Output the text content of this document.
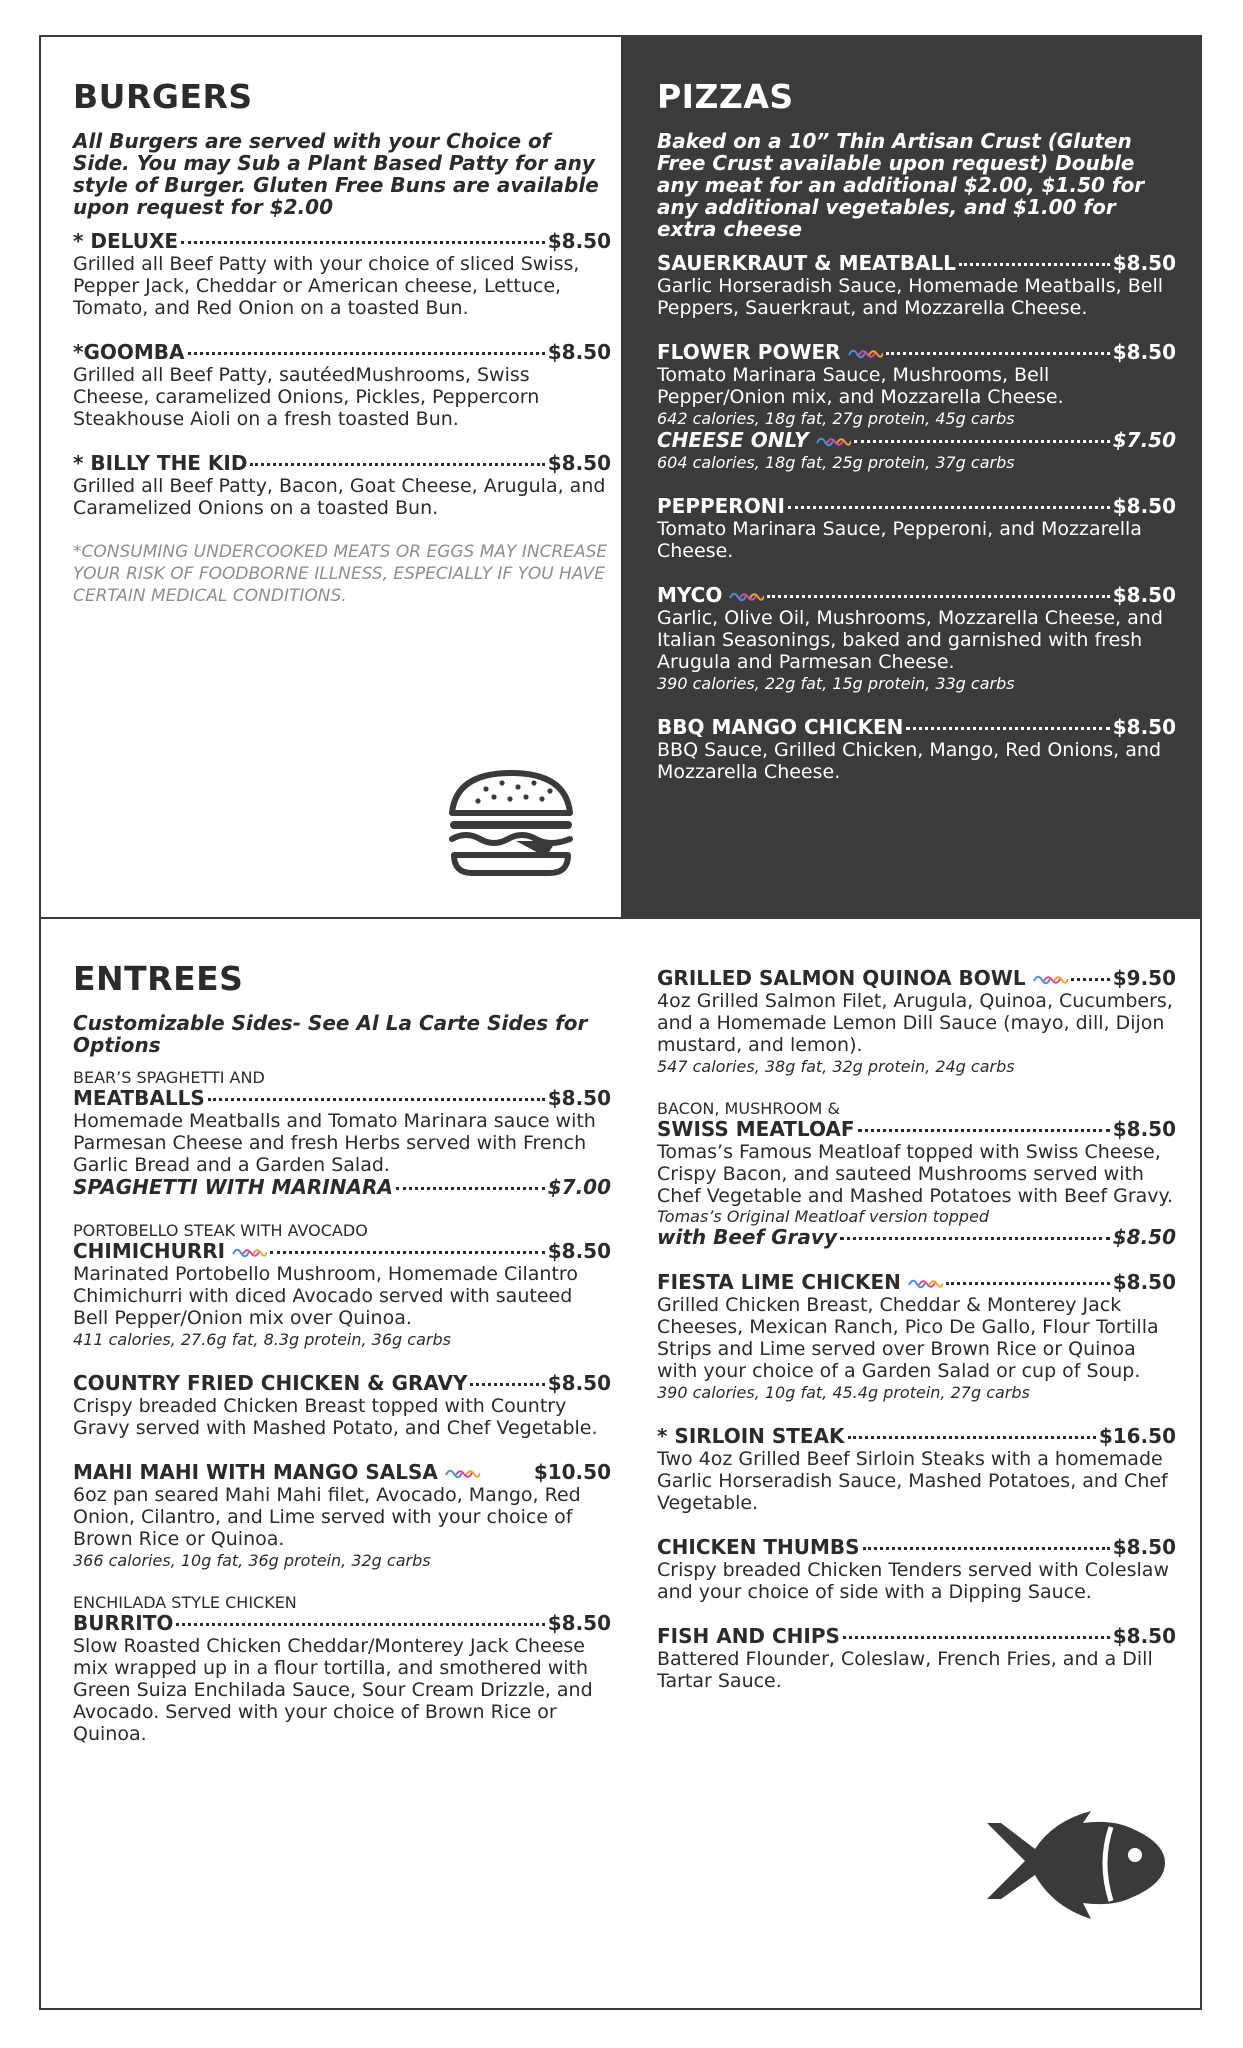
BURGERS

All Burgers are served with your Choice of Side. You may Sub a Plant Based Patty for any style of Burger. Gluten Free Buns are available upon request for $2.00

* DELUXE	$8.50

Grilled all Beef Patty with your choice of sliced Swiss, Pepper Jack, Cheddar or American cheese, Lettuce, Tomato, and Red Onion on a toasted Bun.

*GOOMBA	$8.50

Grilled all Beef Patty, sautéedMushrooms, Swiss Cheese, caramelized Onions, Pickles, Peppercorn Steakhouse Aioli on a fresh toasted Bun.

* BILLY THE KID	$8.50

Grilled all Beef Patty, Bacon, Goat Cheese, Arugula, and Caramelized Onions on a toasted Bun.

*CONSUMING UNDERCOOKED MEATS OR EGGS MAY INCREASE YOUR RISK OF FOODBORNE ILLNESS, ESPECIALLY IF YOU HAVE CERTAIN MEDICAL CONDITIONS.

PIZZAS

Baked on a 10” Thin Artisan Crust (Gluten Free Crust available upon request) Double any meat for an additional $2.00, $1.50 for any additional vegetables, and $1.00 for extra cheese

SAUERKRAUT & MEATBALL	$8.50

Garlic Horseradish Sauce, Homemade Meatballs, Bell Peppers, Sauerkraut, and Mozzarella Cheese.

FLOWER POWER	$8.50

Tomato Marinara Sauce, Mushrooms, Bell Pepper/Onion mix, and Mozzarella Cheese.

642 calories, 18g fat, 27g protein, 45g carbs
CHEESE ONLY	$7.50
604 calories, 18g fat, 25g protein, 37g carbs
PEPPERONI	$8.50

Tomato Marinara Sauce, Pepperoni, and Mozzarella Cheese.

MYCO	$8.50

Garlic, Olive Oil, Mushrooms, Mozzarella Cheese, and Italian Seasonings, baked and garnished with fresh Arugula and Parmesan Cheese.

390 calories, 22g fat, 15g protein, 33g carbs
BBQ MANGO CHICKEN	$8.50

BBQ Sauce, Grilled Chicken, Mango, Red Onions, and Mozzarella Cheese.

ENTREES

Customizable Sides- See Al La Carte Sides for Options

BEAR’S SPAGHETTI AND
MEATBALLS	$8.50

Homemade Meatballs and Tomato Marinara sauce with Parmesan Cheese and fresh Herbs served with French Garlic Bread and a Garden Salad.

SPAGHETTI WITH MARINARA	$7.00
PORTOBELLO STEAK WITH AVOCADO
CHIMICHURRI	$8.50

Marinated Portobello Mushroom, Homemade Cilantro Chimichurri with diced Avocado served with sauteed Bell Pepper/Onion mix over Quinoa.

411 calories, 27.6g fat, 8.3g protein, 36g carbs
COUNTRY FRIED CHICKEN & GRAVY	$8.50

Crispy breaded Chicken Breast topped with Country Gravy served with Mashed Potato, and Chef Vegetable.

MAHI MAHI WITH MANGO SALSA	$10.50

6oz pan seared Mahi Mahi filet, Avocado, Mango, Red Onion, Cilantro, and Lime served with your choice of Brown Rice or Quinoa.

366 calories, 10g fat, 36g protein, 32g carbs
ENCHILADA STYLE CHICKEN
BURRITO	$8.50

Slow Roasted Chicken Cheddar/Monterey Jack Cheese mix wrapped up in a flour tortilla, and smothered with Green Suiza Enchilada Sauce, Sour Cream Drizzle, and Avocado. Served with your choice of Brown Rice or Quinoa.

GRILLED SALMON QUINOA BOWL	$9.50

4oz Grilled Salmon Filet, Arugula, Quinoa, Cucumbers, and a Homemade Lemon Dill Sauce (mayo, dill, Dijon mustard, and lemon).

547 calories, 38g fat, 32g protein, 24g carbs
BACON, MUSHROOM &
SWISS MEATLOAF	$8.50

Tomas’s Famous Meatloaf topped with Swiss Cheese, Crispy Bacon, and sauteed Mushrooms served with Chef Vegetable and Mashed Potatoes with Beef Gravy.

Tomas’s Original Meatloaf version topped
with Beef Gravy	$8.50
FIESTA LIME CHICKEN	$8.50

Grilled Chicken Breast, Cheddar & Monterey Jack Cheeses, Mexican Ranch, Pico De Gallo, Flour Tortilla Strips and Lime served over Brown Rice or Quinoa with your choice of a Garden Salad or cup of Soup.

390 calories, 10g fat, 45.4g protein, 27g carbs
* SIRLOIN STEAK	$16.50

Two 4oz Grilled Beef Sirloin Steaks with a homemade Garlic Horseradish Sauce, Mashed Potatoes, and Chef Vegetable.

CHICKEN THUMBS	$8.50

Crispy breaded Chicken Tenders served with Coleslaw and your choice of side with a Dipping Sauce.

FISH AND CHIPS	$8.50

Battered Flounder, Coleslaw, French Fries, and a Dill Tartar Sauce.
